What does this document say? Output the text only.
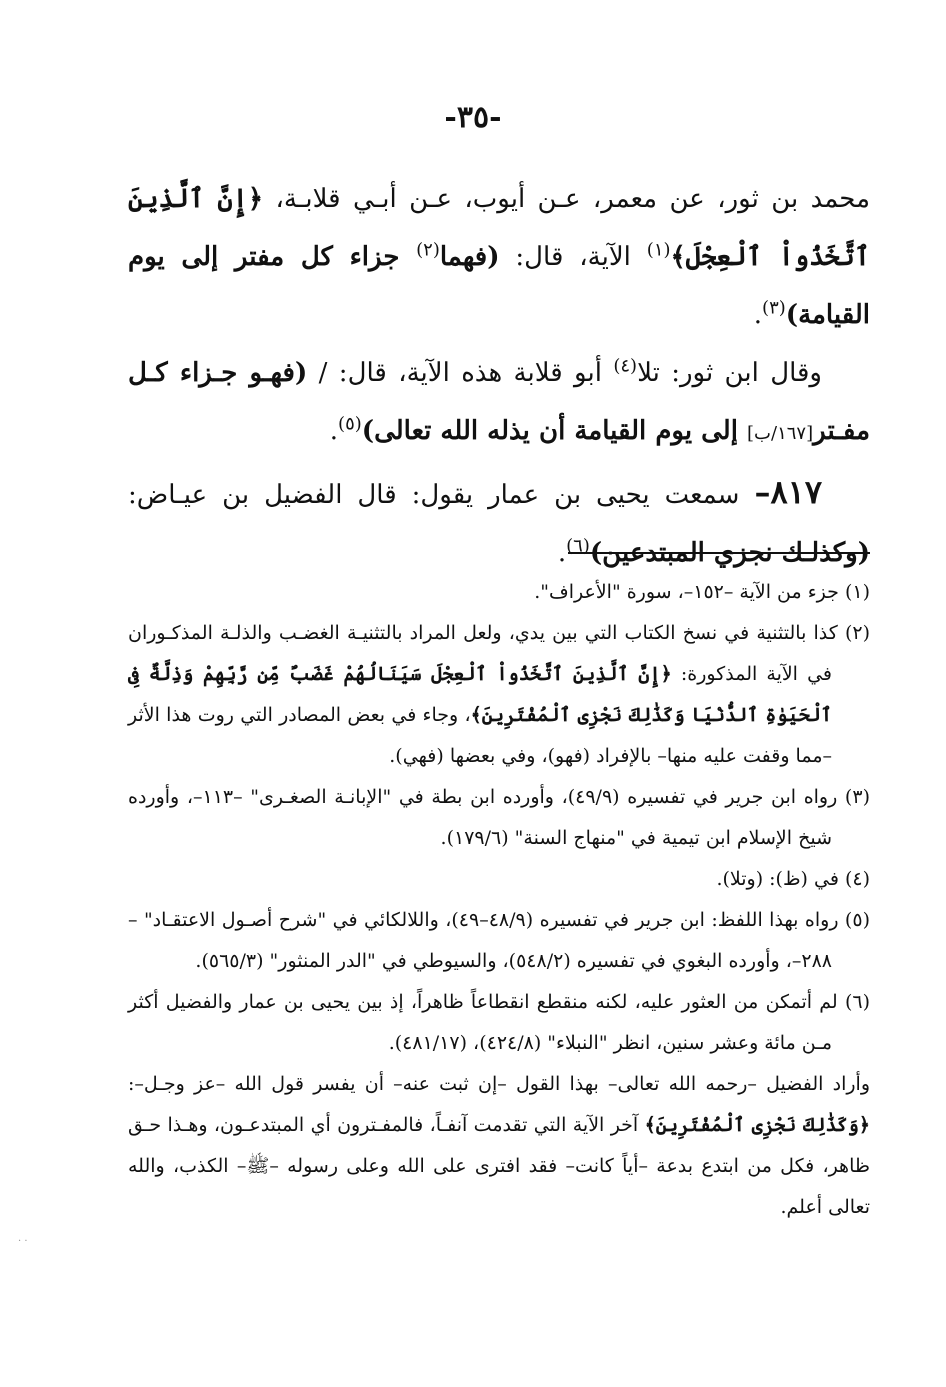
-٣٥-

محمد بن ثور، عن معمر، عـن أيوب، عـن أبـي قلابـة، ﴿إِنَّ ٱلَّذِينَ ٱتَّخَذُواْ ٱلْعِجْلَ﴾$^{(١)}$ الآية، قال: (فهما$^{(٢)}$ جزاء كل مفتر إلى يوم القيامة)$^{(٣)}$.

وقال ابن ثور: تلا$^{(٤)}$ أبو قلابة هذه الآية، قال: / (فهـو جـزاء كـل مفـتر[١٦٧/ب] إلى يوم القيامة أن يذله الله تعالى)$^{(٥)}$.

٨١٧– سمعت يحيى بن عمار يقول: قال الفضيل بن عيـاض: (وكذلـك نجزي المبتدعين)$^{(٦)}$.

(١) جزء من الآية –١٥٢–، سورة "الأعراف".

(٢) كذا بالتثنية في نسخ الكتاب التي بين يدي، ولعل المراد بالتثنيـة الغضـب والذلـة المذكـوران في الآية المذكورة: ﴿إِنَّ ٱلَّذِينَ ٱتَّخَذُواْ ٱلْعِجْلَ سَيَنَالُهُمْ غَضَبٌ مِّن رَّبِّهِمْ وَذِلَّةٌ فِى ٱلْحَيَوٰةِ ٱلدُّنْيَا وَكَذَٰلِكَ نَجْزِى ٱلْمُفْتَرِينَ﴾، وجاء في بعض المصادر التي روت هذا الأثر –مما وقفت عليه منها– بالإفراد (فهو)، وفي بعضها (فهي).

(٣) رواه ابن جرير في تفسيره (٤٩/٩)، وأورده ابن بطة في "الإبانـة الصغـرى" –١١٣–، وأورده شيخ الإسلام ابن تيمية في "منهاج السنة" (١٧٩/٦).

(٤) في (ظ): (وتلا).

(٥) رواه بهذا اللفظ: ابن جرير في تفسيره (٤٨/٩–٤٩)، واللالكائي في "شرح أصـول الاعتقـاد" –٢٨٨–، وأورده البغوي في تفسيره (٥٤٨/٢)، والسيوطي في "الدر المنثور" (٥٦٥/٣).

(٦) لم أتمكن من العثور عليه، لكنه منقطع انقطاعاً ظاهراً، إذ بين يحيى بن عمار والفضيل أكثر مـن مائة وعشر سنين، انظر "النبلاء" (٤٢٤/٨)، (٤٨١/١٧).

وأراد الفضيل –رحمه الله تعالى– بهذا القول –إن ثبت عنه– أن يفسر قول الله –عز وجـل–: ﴿وَكَذَٰلِكَ نَجْزِى ٱلْمُفْتَرِينَ﴾ آخر الآية التي تقدمت آنفـاً، فالمفـترون أي المبتدعـون، وهـذا حـق ظاهر، فكل من ابتدع بدعة –أياً كانت– فقد افترى على الله وعلى رسوله –ﷺ– الكذب، والله تعالى أعلم.

· ·
